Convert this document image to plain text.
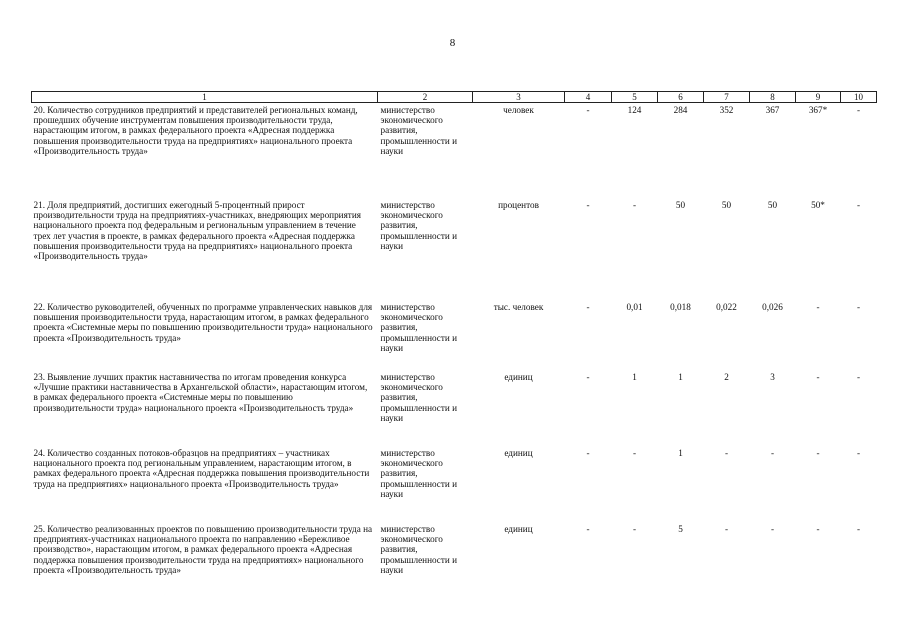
8
1	2	3	4	5	6	7	8	9	10
20. Количество сотрудников предприятий и представителей региональных команд, прошедших обучение инструментам повышения производительности труда, нарастающим итогом, в рамках федерального проекта «Адресная поддержка повышения производительности труда на предприятиях» национального проекта «Производительность труда»	министерство экономического развития, промышленности и науки	человек	-	124	284	352	367	367*	-
21. Доля предприятий, достигших ежегодный 5-процентный прирост производительности труда на предприятиях-участниках, внедряющих мероприятия национального проекта под федеральным и региональным управлением в течение трех лет участия в проекте, в рамках федерального проекта «Адресная поддержка повышения производительности труда на предприятиях» национального проекта «Производительность труда»	министерство экономического развития, промышленности и науки	процентов	-	-	50	50	50	50*	-
22. Количество руководителей, обученных по программе управленческих навыков для повышения производительности труда, нарастающим итогом, в рамках федерального проекта «Системные меры по повышению производительности труда» национального проекта «Производительность труда»	министерство экономического развития, промышленности и науки	тыс. человек	-	0,01	0,018	0,022	0,026	-	-
23. Выявление лучших практик наставничества по итогам проведения конкурса «Лучшие практики наставничества в Архангельской области», нарастающим итогом, в рамках федерального проекта «Системные меры по повышению производительности труда» национального проекта «Производительность труда»	министерство экономического развития, промышленности и науки	единиц	-	1	1	2	3	-	-
24. Количество созданных потоков-образцов на предприятиях – участниках национального проекта под региональным управлением, нарастающим итогом, в рамках федерального проекта «Адресная поддержка повышения производительности труда на предприятиях» национального проекта «Производительность труда»	министерство экономического развития, промышленности и науки	единиц	-	-	1	-	-	-	-
25. Количество реализованных проектов по повышению производительности труда на предприятиях-участниках национального проекта по направлению «Бережливое производство», нарастающим итогом, в рамках федерального проекта «Адресная поддержка повышения производительности труда на предприятиях» национального проекта «Производительность труда»	министерство экономического развития, промышленности и науки	единиц	-	-	5	-	-	-	-
